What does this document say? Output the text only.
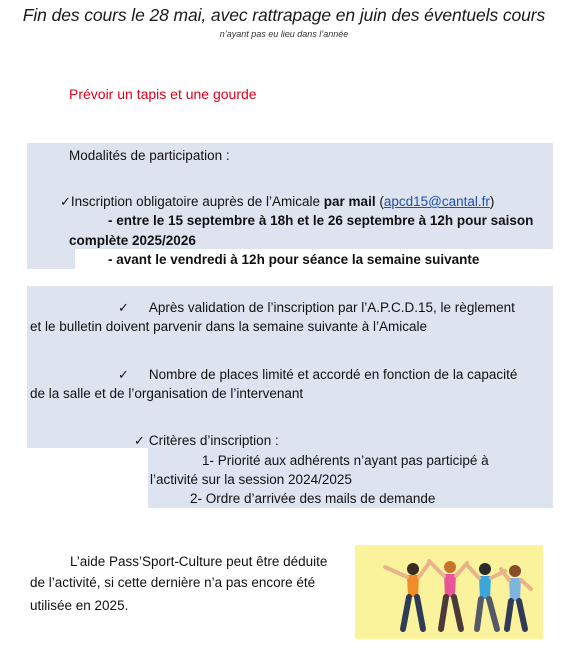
Fin des cours le 28 mai, avec rattrapage en juin des éventuels cours
n’ayant pas eu lieu dans l’année
Prévoir un tapis et une gourde
Modalités de participation :
✓Inscription obligatoire auprès de l’Amicale par mail (apcd15@cantal.fr)
- entre le 15 septembre à 18h et le 26 septembre à 12h pour saison
complète 2025/2026
- avant le vendredi à 12h pour séance la semaine suivante
✓ Après validation de l’inscription par l’A.P.C.D.15, le règlement
et le bulletin doivent parvenir dans la semaine suivante à l’Amicale
✓ Nombre de places limité et accordé en fonction de la capacité
de la salle et de l’organisation de l’intervenant
✓ Critères d’inscription :
1- Priorité aux adhérents n’ayant pas participé à
l’activité sur la session 2024/2025
2- Ordre d’arrivée des mails de demande
L’aide Pass’Sport-Culture peut être déduite
de l’activité, si cette dernière n’a pas encore été
utilisée en 2025.
